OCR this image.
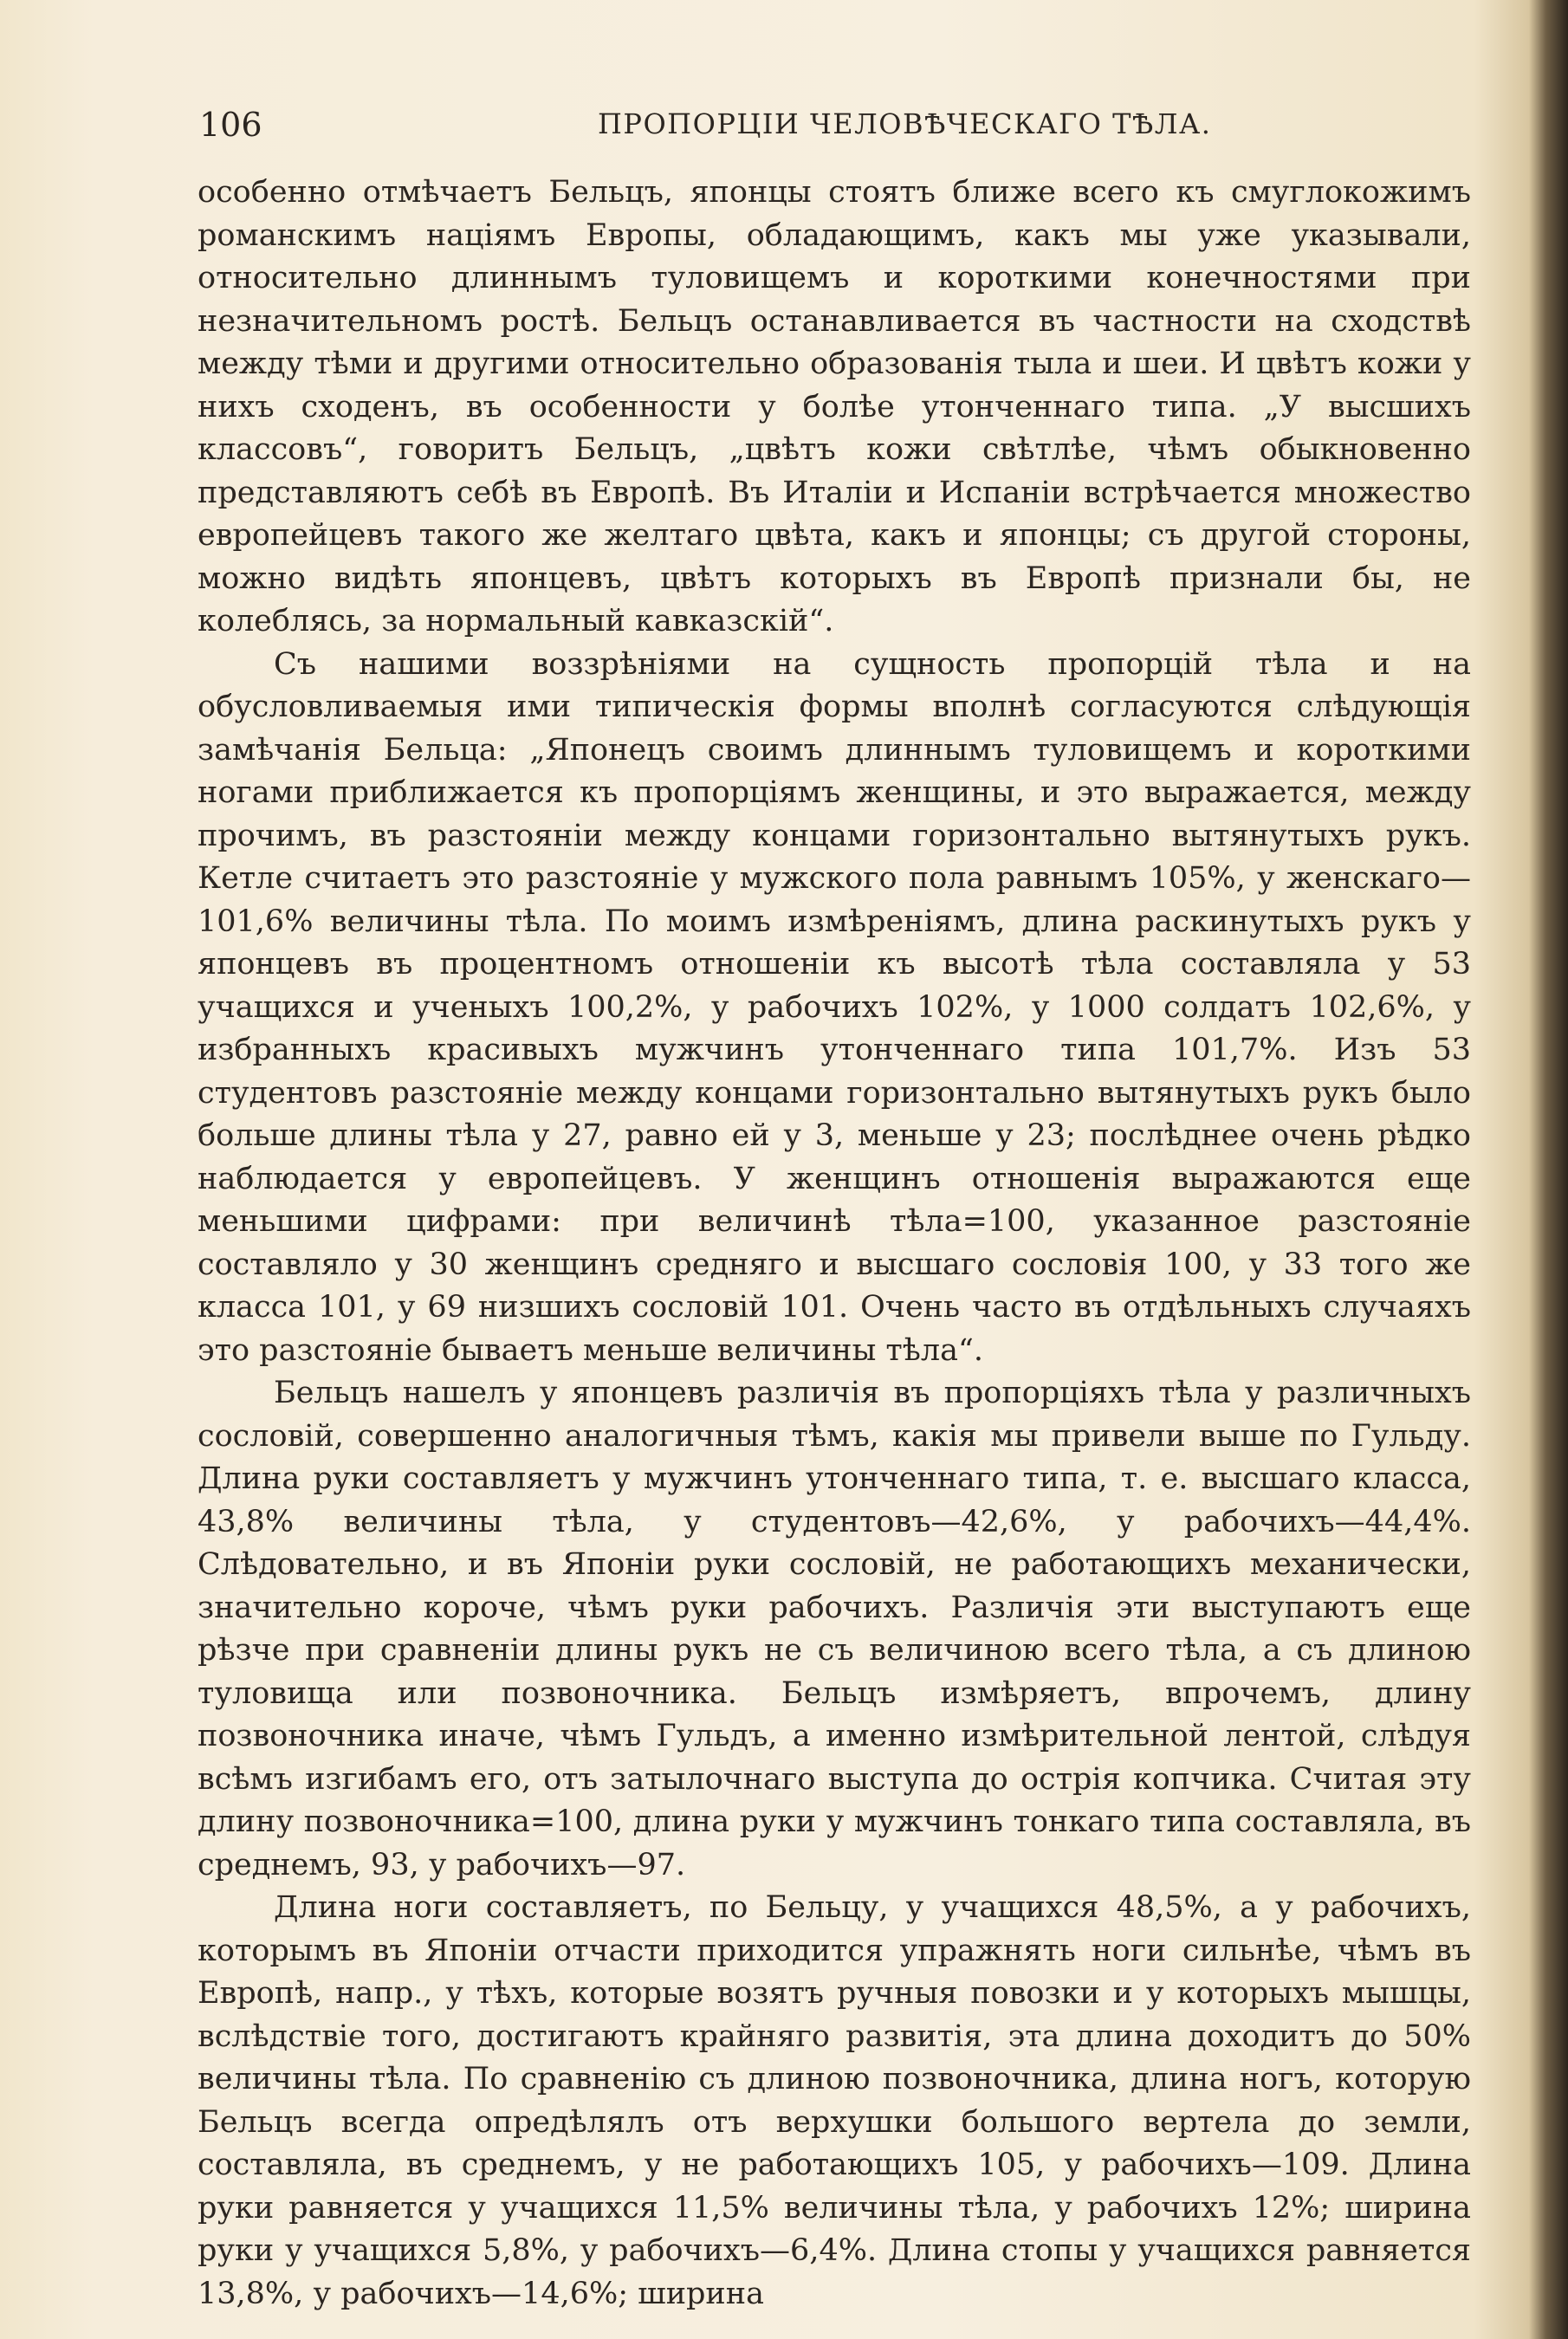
106	ПРОПОРЦІИ ЧЕЛОВѢЧЕСКАГО ТѢЛА.

особенно отмѣчаетъ Бельцъ, японцы стоятъ ближе всего къ смуглокожимъ романскимъ націямъ Европы, обладающимъ, какъ мы уже указывали, относительно длиннымъ туловищемъ и короткими конечностями при незначительномъ ростѣ. Бельцъ останавливается въ частности на сходствѣ между тѣми и другими относительно образованія тыла и шеи. И цвѣтъ кожи у нихъ сходенъ, въ особенности у болѣе утонченнаго типа. „У высшихъ классовъ“, говоритъ Бельцъ, „цвѣтъ кожи свѣтлѣе, чѣмъ обыкновенно представляютъ себѣ въ Европѣ. Въ Италіи и Испаніи встрѣчается множество европейцевъ такого же желтаго цвѣта, какъ и японцы; съ другой стороны, можно видѣть японцевъ, цвѣтъ которыхъ въ Европѣ признали бы, не колеблясь, за нормальный кавказскій“.

Съ нашими воззрѣніями на сущность пропорцій тѣла и на обусловливаемыя ими типическія формы вполнѣ согласуются слѣдующія замѣчанія Бельца: „Японецъ своимъ длиннымъ туловищемъ и короткими ногами приближается къ пропорціямъ женщины, и это выражается, между прочимъ, въ разстояніи между концами горизонтально вытянутыхъ рукъ. Кетле считаетъ это разстояніе у мужского пола равнымъ 105%, у женскаго—101,6% величины тѣла. По моимъ измѣреніямъ, длина раскинутыхъ рукъ у японцевъ въ процентномъ отношеніи къ высотѣ тѣла составляла у 53 учащихся и ученыхъ 100,2%, у рабочихъ 102%, у 1000 солдатъ 102,6%, у избранныхъ красивыхъ мужчинъ утонченнаго типа 101,7%. Изъ 53 студентовъ разстояніе между концами горизонтально вытянутыхъ рукъ было больше длины тѣла у 27, равно ей у 3, меньше у 23; послѣднее очень рѣдко наблюдается у европейцевъ. У женщинъ отношенія выражаются еще меньшими цифрами: при величинѣ тѣла=100, указанное разстояніе составляло у 30 женщинъ средняго и высшаго сословія 100, у 33 того же класса 101, у 69 низшихъ сословій 101. Очень часто въ отдѣльныхъ случаяхъ это разстояніе бываетъ меньше величины тѣла“.

Бельцъ нашелъ у японцевъ различія въ пропорціяхъ тѣла у различныхъ сословій, совершенно аналогичныя тѣмъ, какія мы привели выше по Гульду. Длина руки составляетъ у мужчинъ утонченнаго типа, т. е. высшаго класса, 43,8% величины тѣла, у студентовъ—42,6%, у рабочихъ—44,4%. Слѣдовательно, и въ Японіи руки сословій, не работающихъ механически, значительно короче, чѣмъ руки рабочихъ. Различія эти выступаютъ еще рѣзче при сравненіи длины рукъ не съ величиною всего тѣла, а съ длиною туловища или позвоночника. Бельцъ измѣряетъ, впрочемъ, длину позвоночника иначе, чѣмъ Гульдъ, а именно измѣрительной лентой, слѣдуя всѣмъ изгибамъ его, отъ затылочнаго выступа до острія копчика. Считая эту длину позвоночника=100, длина руки у мужчинъ тонкаго типа составляла, въ среднемъ, 93, у рабочихъ—97.

Длина ноги составляетъ, по Бельцу, у учащихся 48,5%, а у рабочихъ, которымъ въ Японіи отчасти приходится упражнять ноги сильнѣе, чѣмъ въ Европѣ, напр., у тѣхъ, которые возятъ ручныя повозки и у которыхъ мышцы, вслѣдствіе того, достигаютъ крайняго развитія, эта длина доходитъ до 50% величины тѣла. По сравненію съ длиною позвоночника, длина ногъ, которую Бельцъ всегда опредѣлялъ отъ верхушки большого вертела до земли, составляла, въ среднемъ, у не работающихъ 105, у рабочихъ—109. Длина руки равняется у учащихся 11,5% величины тѣла, у рабочихъ 12%; ширина руки у учащихся 5,8%, у рабочихъ—6,4%. Длина стопы у учащихся равняется 13,8%, у рабочихъ—14,6%; ширина
